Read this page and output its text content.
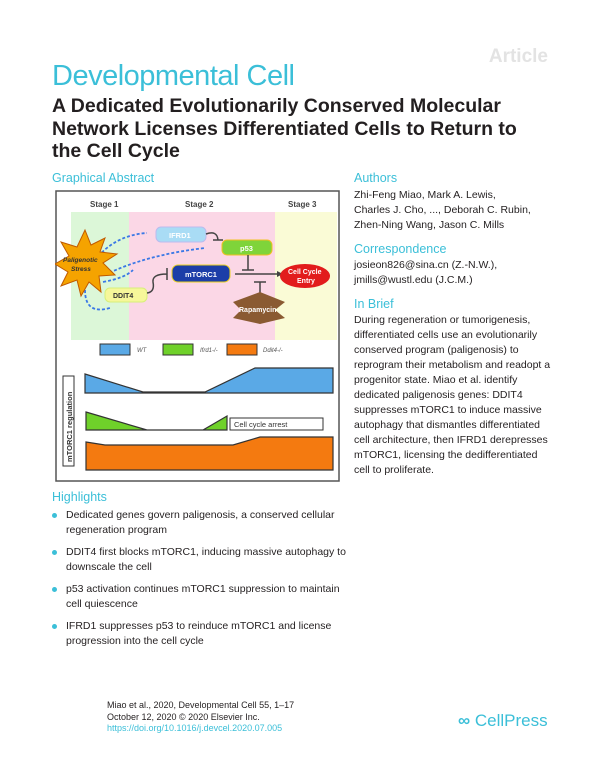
Article
Developmental Cell
A Dedicated Evolutionarily Conserved Molecular Network Licenses Differentiated Cells to Return to the Cell Cycle
Graphical Abstract
Stage 1	Stage 2	Stage 3
Paligenotic
Stress
IFRD1
p53
mTORC1
DDIT4
Cell Cycle
Entry
Rapamycin
WT	Ifrd1-/-	Ddit4-/-
mTORC1 regulation	Cell cycle arrest
Highlights
Dedicated genes govern paligenosis, a conserved cellular regeneration program
DDIT4 first blocks mTORC1, inducing massive autophagy to downscale the cell
p53 activation continues mTORC1 suppression to maintain cell quiescence
IFRD1 suppresses p53 to reinduce mTORC1 and license progression into the cell cycle
Authors
Zhi-Feng Miao, Mark A. Lewis,
Charles J. Cho, ..., Deborah C. Rubin,
Zhen-Ning Wang, Jason C. Mills
Correspondence
josieon826@sina.cn (Z.-N.W.),
jmills@wustl.edu (J.C.M.)
In Brief
During regeneration or tumorigenesis, differentiated cells use an evolutionarily conserved program (paligenosis) to reprogram their metabolism and readopt a progenitor state. Miao et al. identify dedicated paligenosis genes: DDIT4 suppresses mTORC1 to induce massive autophagy that dismantles differentiated cell architecture, then IFRD1 derepresses mTORC1, licensing the dedifferentiated cell to proliferate.
Miao et al., 2020, Developmental Cell 55, 1–17
October 12, 2020 © 2020 Elsevier Inc.
https://doi.org/10.1016/j.devcel.2020.07.005	∞ CellPress
